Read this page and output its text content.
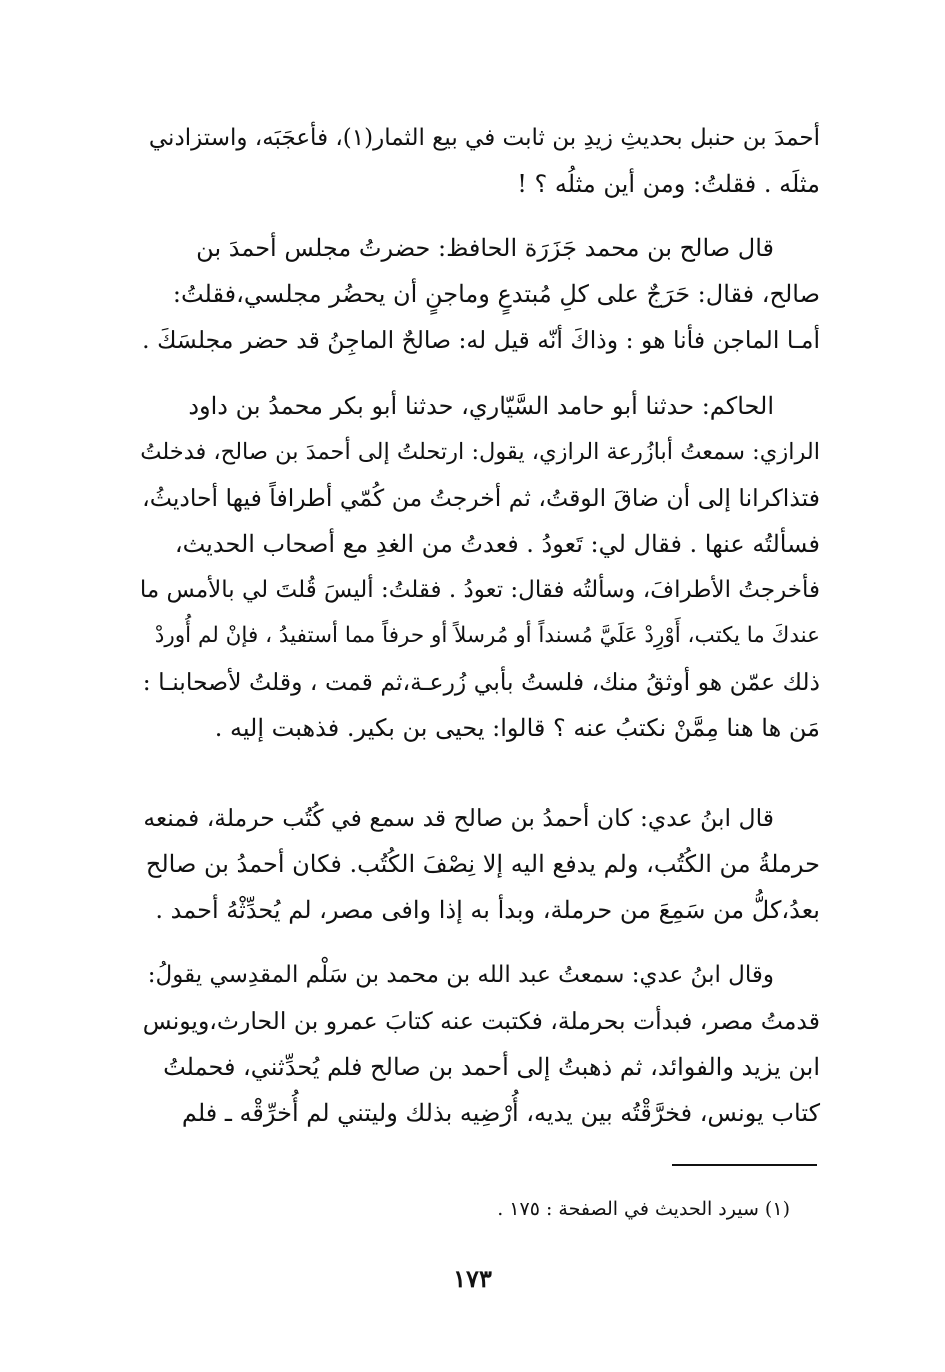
أحمدَ بن حنبل بحديثِ زيدِ بن ثابت في بيع الثمار(١)، فأعجَبَه، واستزادني
مثلَه . فقلتُ: ومن أين مثلُه ؟ !
قال صالح بن محمد جَزَرَة الحافظ: حضرتُ مجلس أحمدَ بن
صالح، فقال: حَرَجٌ على كلِ مُبتدعٍ وماجنٍ أن يحضُر مجلسي،فقلتُ:
أمـا الماجن فأنا هو : وذاكَ أنّه قيل له: صالحٌ الماجِنُ قد حضر مجلسَكَ .
الحاكم: حدثنا أبو حامد السَّيّاري، حدثنا أبو بكر محمدُ بن داود
الرازي: سمعتُ أبازُرعة الرازي، يقول: ارتحلتُ إلى أحمدَ بن صالح، فدخلتُ
فتذاكرانا إلى أن ضاقَ الوقتُ، ثم أخرجتُ من كُمّي أطرافاً فيها أحاديثُ،
فسألتُه عنها . فقال لي: تَعودُ . فعدتُ من الغدِ مع أصحاب الحديث،
فأخرجتُ الأطرافَ، وسألتُه فقال: تعودُ . فقلتُ: أليسَ قُلتَ لي بالأمس ما
عندكَ ما يكتب، أَوْرِدْ عَلَيَّ مُسنداً أو مُرسلاً أو حرفاً مما أستفيدُ ، فإنْ لم أُوردْ
ذلك عمّن هو أوثقُ منك، فلستُ بأبي زُرعـة،ثم قمت ، وقلتُ لأصحابنـا :
مَن ها هنا مِمَّنْ نكتبُ عنه ؟ قالوا: يحيى بن بكير. فذهبت إليه .
قال ابنُ عدي: كان أحمدُ بن صالح قد سمع في كُتُب حرملة، فمنعه
حرملةُ من الكُتُب، ولم يدفع اليه إلا نِصْفَ الكُتُب. فكان أحمدُ بن صالح
بعدُ،كلُّ من سَمِعَ من حرملة، وبدأ به إذا وافى مصر، لم يُحدِّثْهُ أحمد .
وقال ابنُ عدي: سمعتُ عبد الله بن محمد بن سَلْم المقدِسي يقولُ:
قدمتُ مصر، فبدأت بحرملة، فكتبت عنه كتابَ عمرو بن الحارث،ويونس
ابن يزيد والفوائد، ثم ذهبتُ إلى أحمد بن صالح فلم يُحدِّثني، فحملتُ
كتاب يونس، فخرَّقْتُه بين يديه، أُرْضِيه بذلك وليتني لم أُخرِّقْه ـ فلم
(١) سيرد الحديث في الصفحة : ١٧٥ .
١٧٣
